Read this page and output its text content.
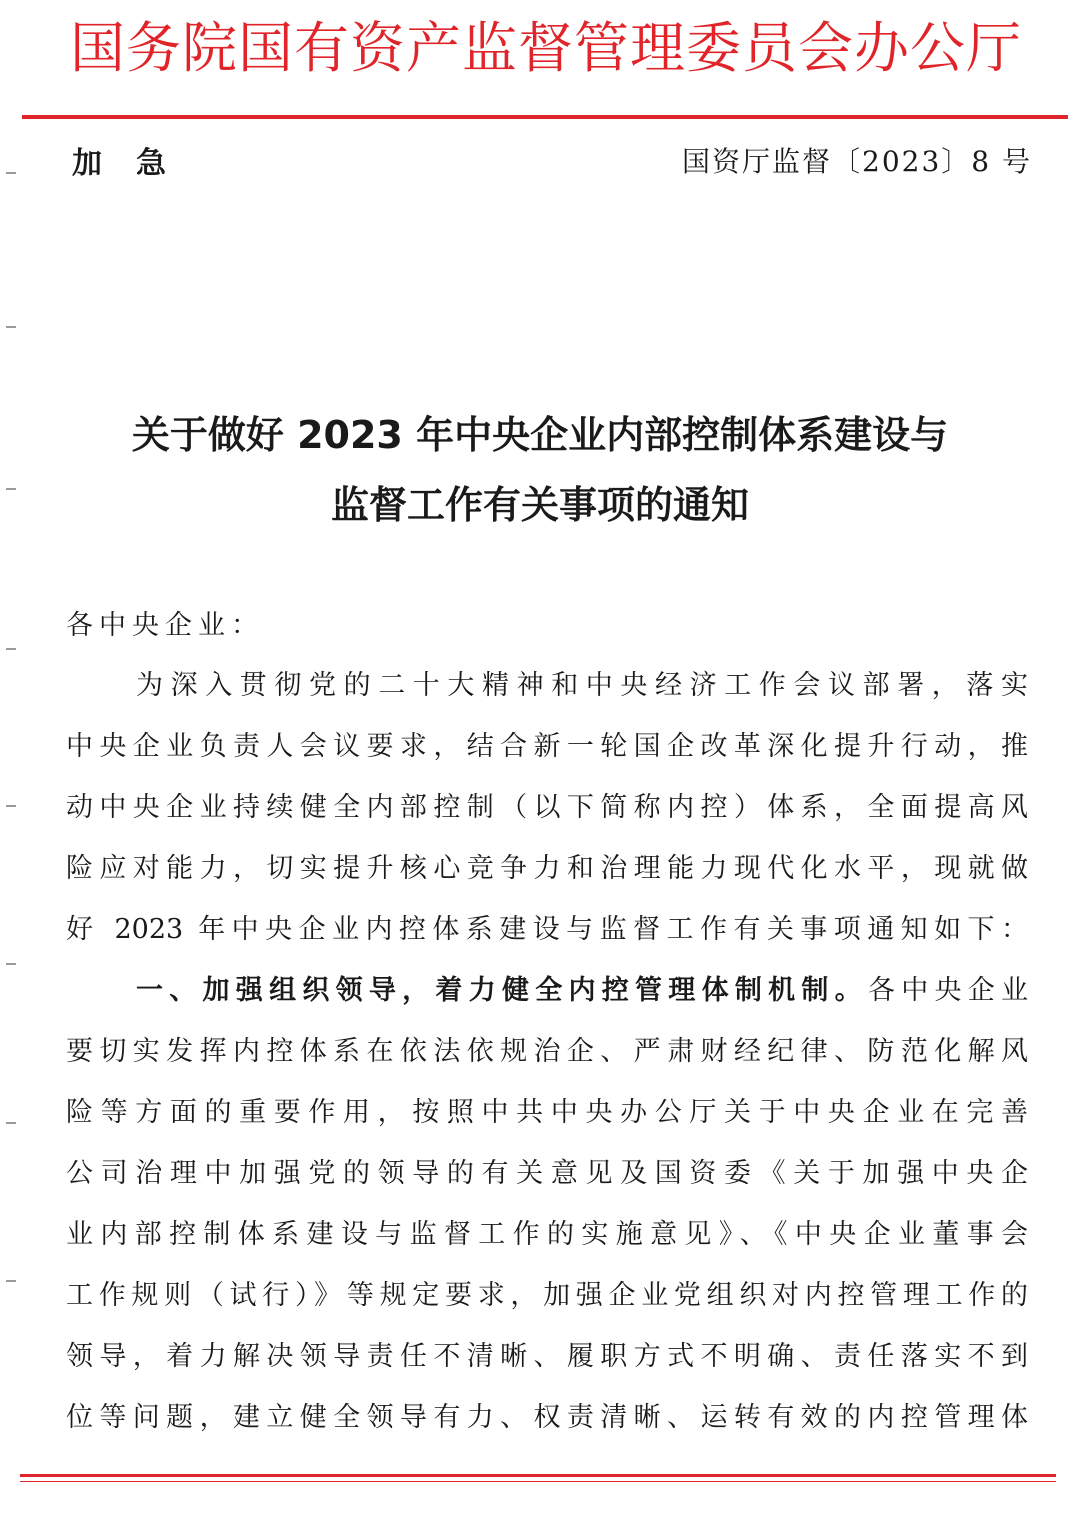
国务院国有资产监督管理委员会办公厅
加急	国资厅监督〔2023〕8 号
关于做好 2023 年中央企业内部控制体系建设与
监督工作有关事项的通知
各中央企业：
为深入贯彻党的二十大精神和中央经济工作会议部署，落实
中央企业负责人会议要求，结合新一轮国企改革深化提升行动，推
动中央企业持续健全内部控制（以下简称内控）体系，全面提高风
险应对能力，切实提升核心竞争力和治理能力现代化水平，现就做
好 2023 年中央企业内控体系建设与监督工作有关事项通知如下：
一、加强组织领导，着力健全内控管理体制机制。各中央企业
要切实发挥内控体系在依法依规治企、严肃财经纪律、防范化解风
险等方面的重要作用，按照中共中央办公厅关于中央企业在完善
公司治理中加强党的领导的有关意见及国资委《关于加强中央企
业内部控制体系建设与监督工作的实施意见》、《中央企业董事会
工作规则（试行）》等规定要求，加强企业党组织对内控管理工作的
领导，着力解决领导责任不清晰、履职方式不明确、责任落实不到
位等问题，建立健全领导有力、权责清晰、运转有效的内控管理体
